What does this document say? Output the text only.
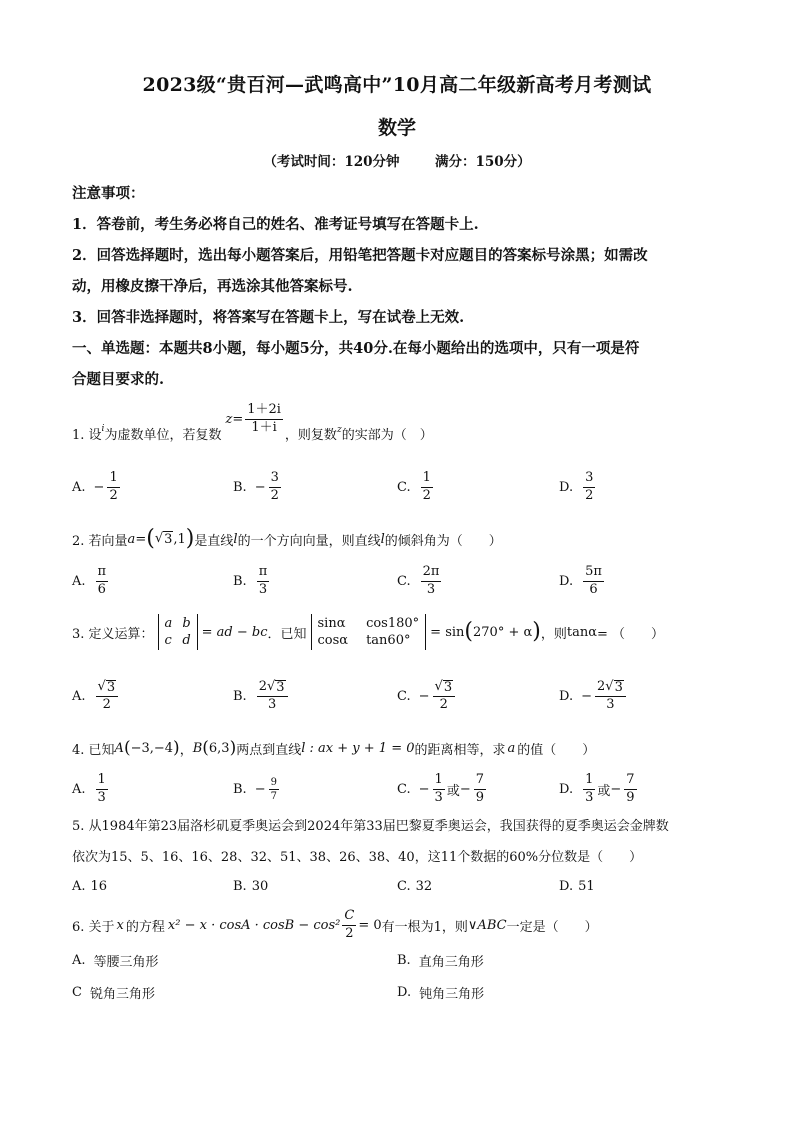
2023级“贵百河—武鸣高中”10月高二年级新高考月考测试
数学
（考试时间：120分钟	满分：150分）
注意事项：
1．答卷前，考生务必将自己的姓名、准考证号填写在答题卡上.
2．回答选择题时，选出每小题答案后，用铅笔把答题卡对应题目的答案标号涂黑；如需改
动，用橡皮擦干净后，再选涂其他答案标号.
3．回答非选择题时，将答案写在答题卡上，写在试卷上无效.
一、单选题：本题共8小题，每小题5分，共40分.在每小题给出的选项中，只有一项是符
合题目要求的.
1. 设 i 为虚数单位，若复数
$z = \frac{1+2i}{1+i}$
，则复数 z 的实部为（　）
A. − $\frac{1}{2}$	B. − $\frac{3}{2}$	C. $\frac{1}{2}$	D. $\frac{3}{2}$
2. 若向量 a = ( √ 3 ,1 ) 是直线 l 的一个方向向量，则直线 l 的倾斜角为（　　）
A. $\frac{\pi}{6}$	B. $\frac{\pi}{3}$	C. $\frac{2\pi}{3}$	D. $\frac{5\pi}{6}$
3. 定义运算：
a b
c d
= ad − bc ．已知
sinα cos180°
cosα tan60°
= sin ( 270° + α ) ，则 tanα = （　　）
A. $\frac{√ 3}{2}$	B. $\frac{2 √ 3}{3}$	C. − $\frac{√ 3}{2}$	D. − $\frac{2 √ 3}{3}$
4. 已知 A ( −3,−4 ) ， B ( 6,3 ) 两点到直线 l : ax + y + 1 = 0 的距离相等，求 a 的值（　　）
A. $\frac{1}{3}$	B. − $\frac{9}{7}$	C. − $\frac{1}{3}$ 或 − $\frac{7}{9}$	D. $\frac{1}{3}$ 或 − $\frac{7}{9}$
5. 从1984年第23届洛杉矶夏季奥运会到2024年第33届巴黎夏季奥运会，我国获得的夏季奥运会金牌数
依次为15、5、16、16、28、32、51、38、26、38、40，这11个数据的60%分位数是（　　）
A. 16	B. 30	C. 32	D. 51
6. 关于 x 的方程 $x^2 - x \cdot \cos A \cdot \cos B - \cos^2 \frac{C}{2} = 0$ 有一根为1，则 ∨ABC 一定是（　　）
A. 等腰三角形	B. 直角三角形
C 锐角三角形	D. 钝角三角形
